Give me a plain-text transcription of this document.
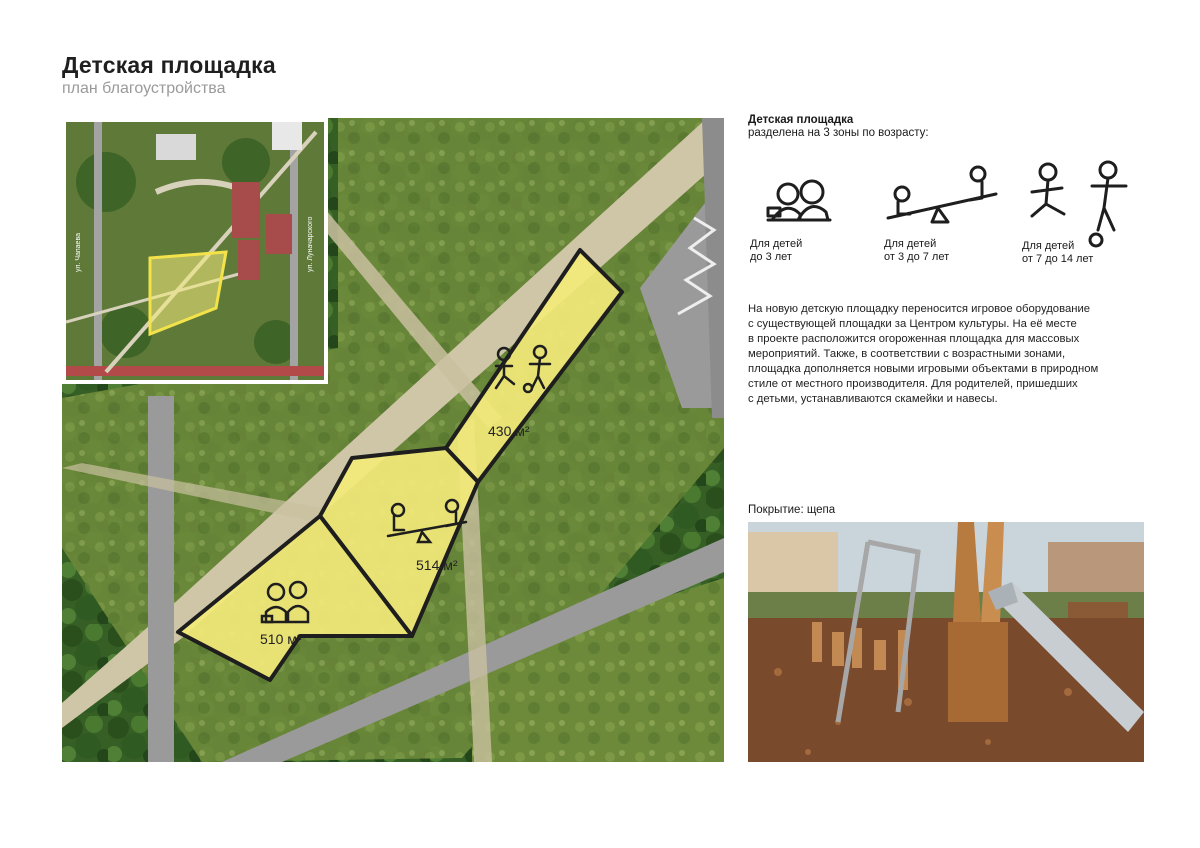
Детская площадка
план благоустройства
430 м²
514 м²
510 м²
ул. Чапаева	ул. Луначарского
Детская площадка
разделена на 3 зоны по возрасту:
Для детей
до 3 лет
Для детей
от 3 до 7 лет
Для детей
от 7 до 14 лет
На новую детскую площадку переносится игровое оборудование
с существующей площадки за Центром культуры. На её месте
в проекте расположится огороженная площадка для массовых
мероприятий. Также, в соответствии с возрастными зонами,
площадка дополняется новыми игровыми объектами в природном
стиле от местного производителя. Для родителей, пришедших
с детьми, устанавливаются скамейки и навесы.
Покрытие: щепа
